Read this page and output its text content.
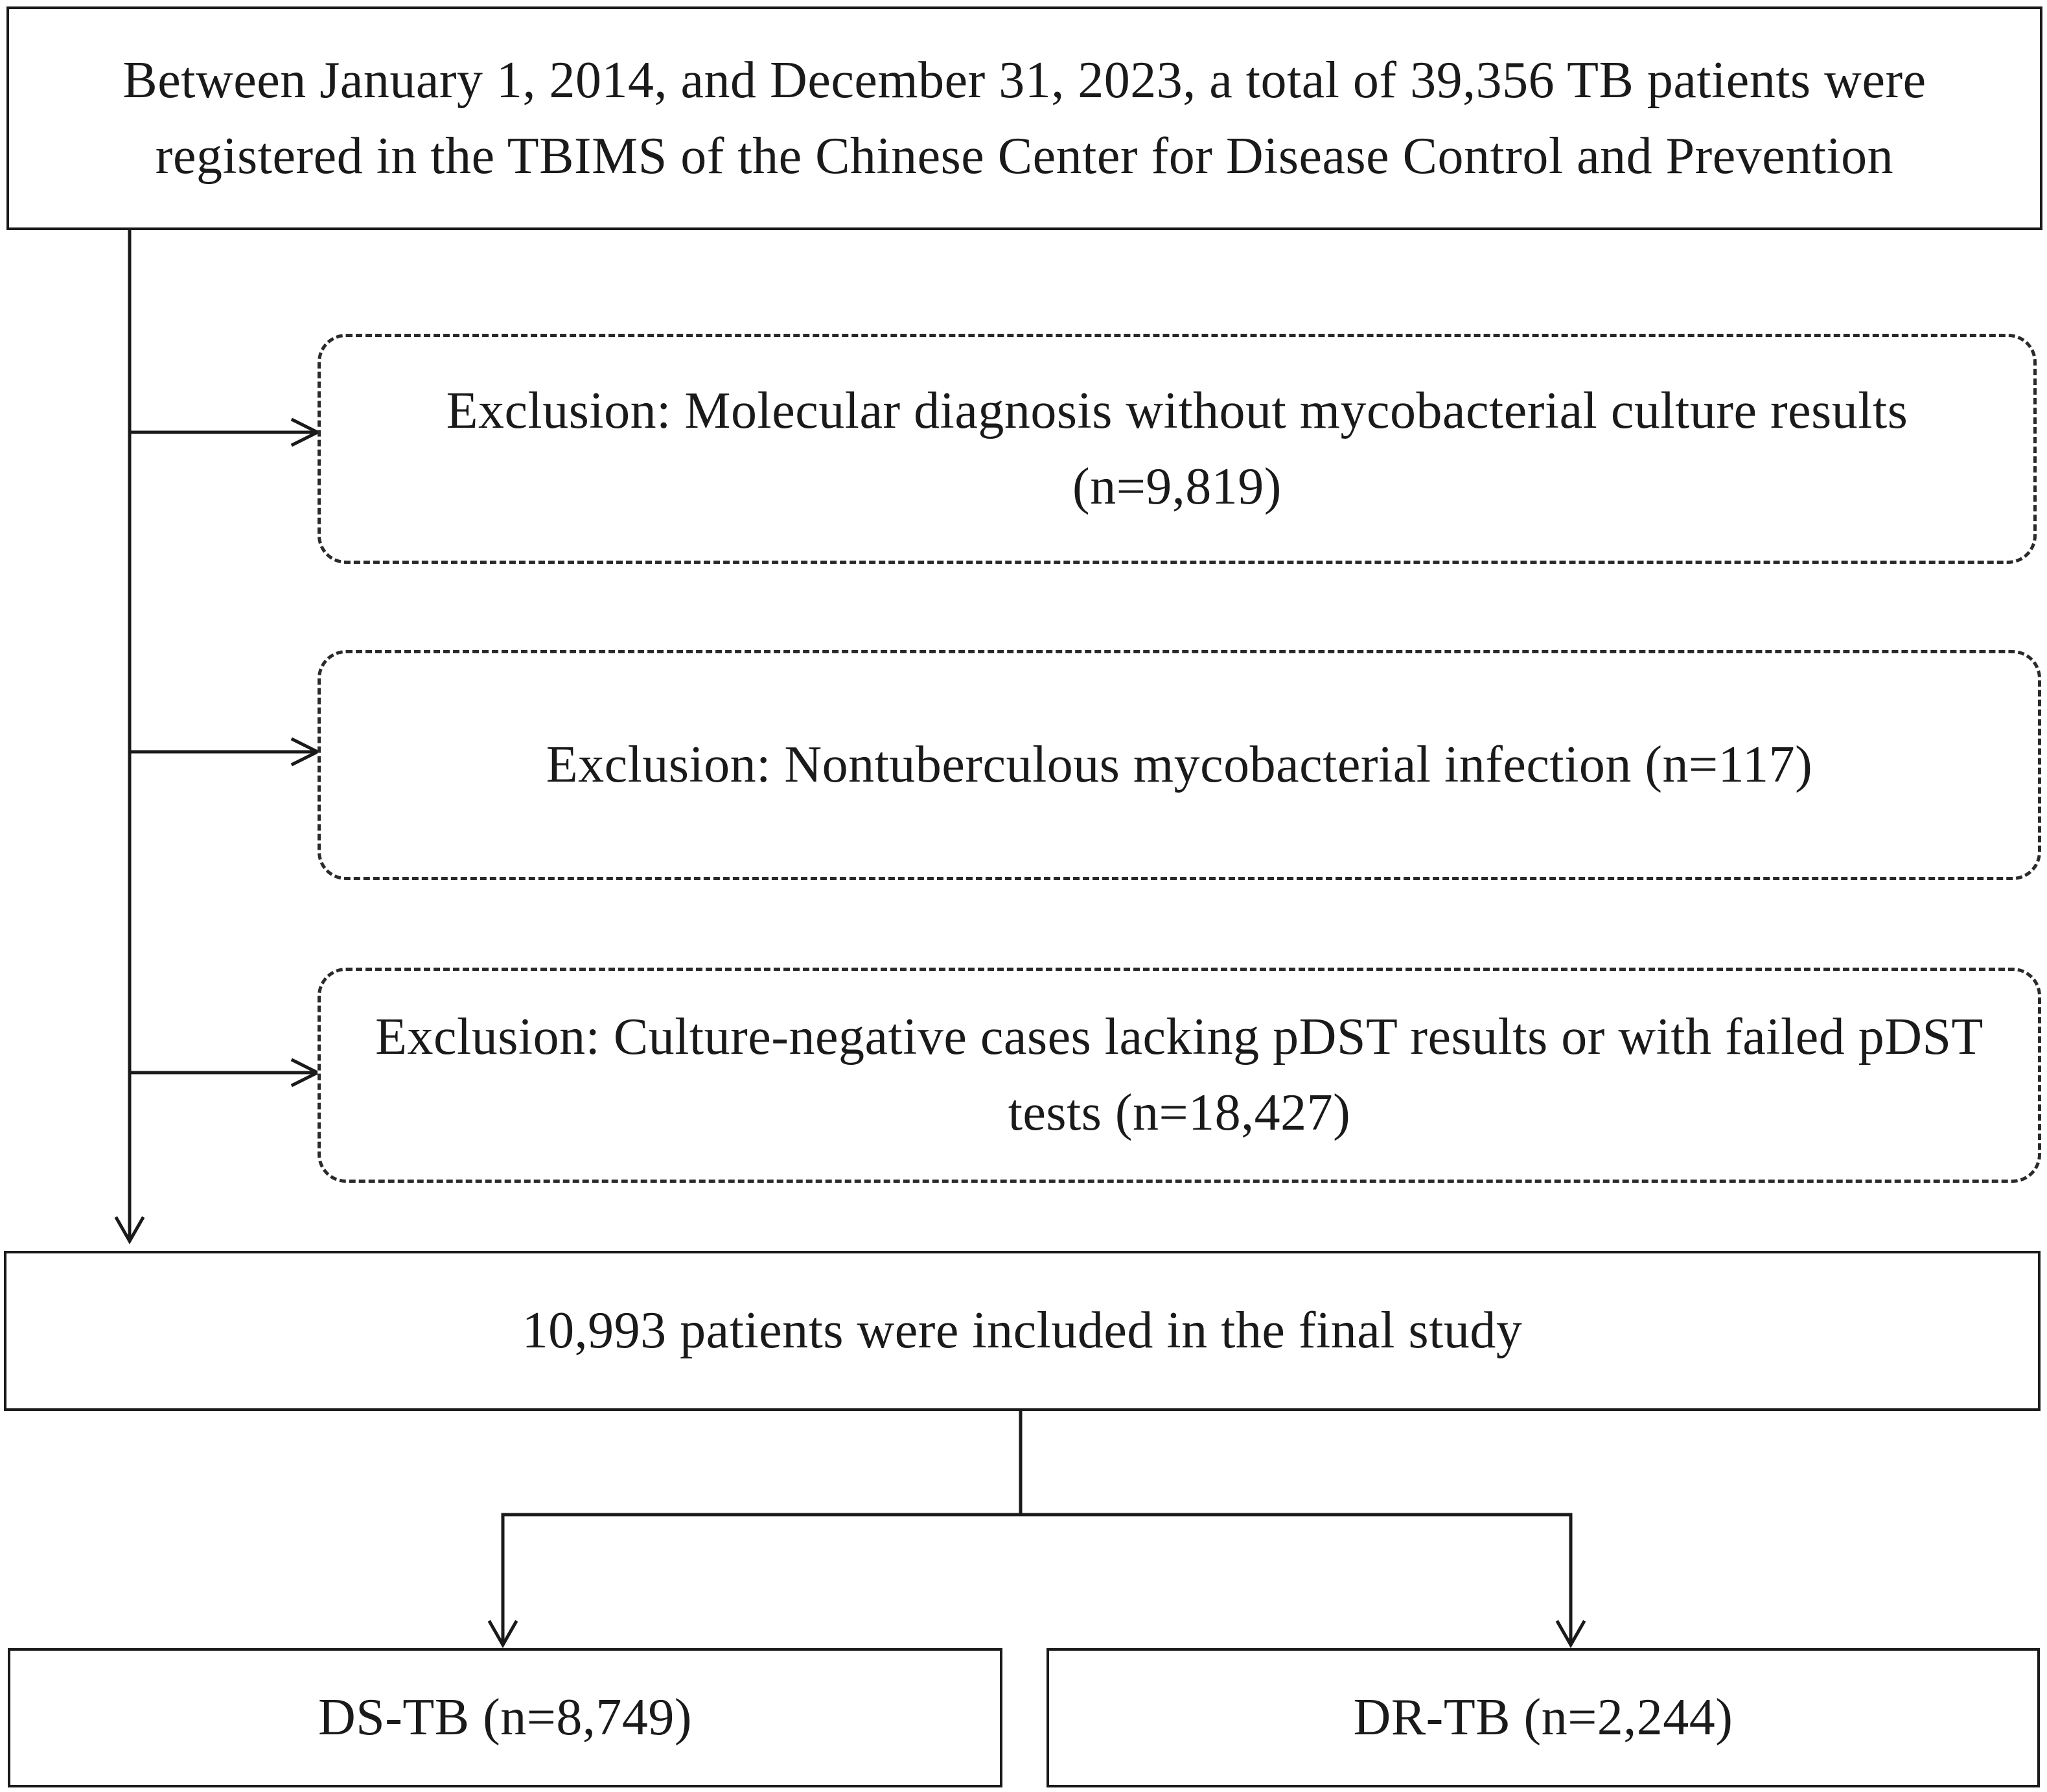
Between January 1, 2014, and December 31, 2023, a total of 39,356 TB patients were registered in the TBIMS of the Chinese Center for Disease Control and Prevention
Exclusion: Molecular diagnosis without mycobacterial culture results (n=9,819)
Exclusion: Nontuberculous mycobacterial infection (n=117)
Exclusion: Culture-negative cases lacking pDST results or with failed pDST tests (n=18,427)
10,993 patients were included in the final study
DS-TB (n=8,749)	DR-TB (n=2,244)
